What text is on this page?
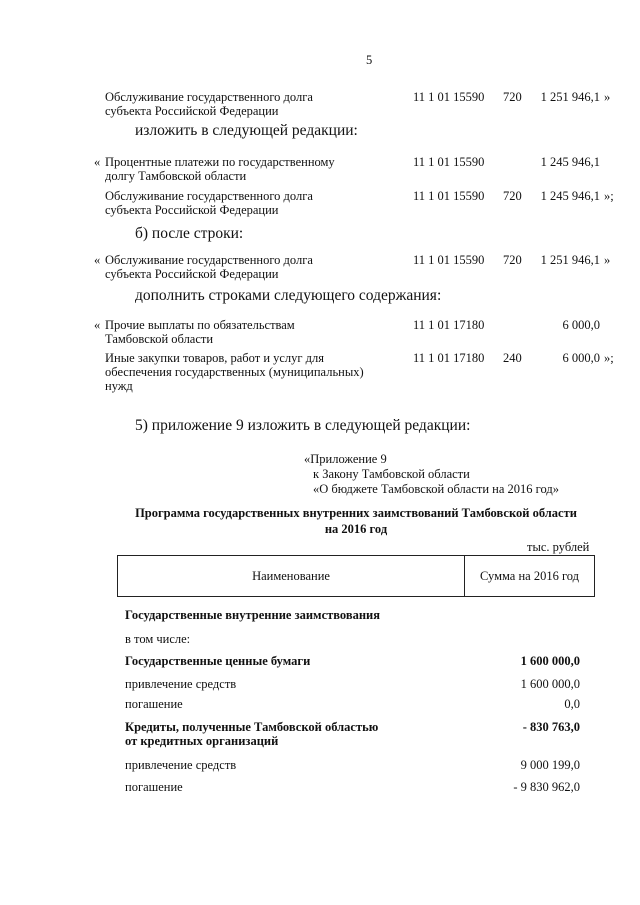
5
Обслуживание государственного долга
субъекта Российской Федерации
11 1 01 15590 720	1 251 946,1 »
изложить в следующей редакции:
« Процентные платежи по государственному
долгу Тамбовской области
11 1 01 15590	1 245 946,1
Обслуживание государственного долга
субъекта Российской Федерации
11 1 01 15590 720	1 245 946,1 »;
б) после строки:
« Обслуживание государственного долга
субъекта Российской Федерации
11 1 01 15590 720	1 251 946,1 »
дополнить строками следующего содержания:
« Прочие выплаты по обязательствам
Тамбовской области
11 1 01 17180	6 000,0
Иные закупки товаров, работ и услуг для
обеспечения государственных (муниципальных)
нужд
11 1 01 17180 240	6 000,0 »;
5) приложение 9 изложить в следующей редакции:
«Приложение 9
к Закону Тамбовской области
«О бюджете Тамбовской области на 2016 год»
Программа государственных внутренних заимствований Тамбовской области
на 2016 год
тыс. рублей
Наименование	Сумма на 2016 год
Государственные внутренние заимствования
в том числе:
Государственные ценные бумаги	1 600 000,0
привлечение средств	1 600 000,0
погашение	0,0
Кредиты, полученные Тамбовской областью
от кредитных организаций
- 830 763,0
привлечение средств	9 000 199,0
погашение	- 9 830 962,0
